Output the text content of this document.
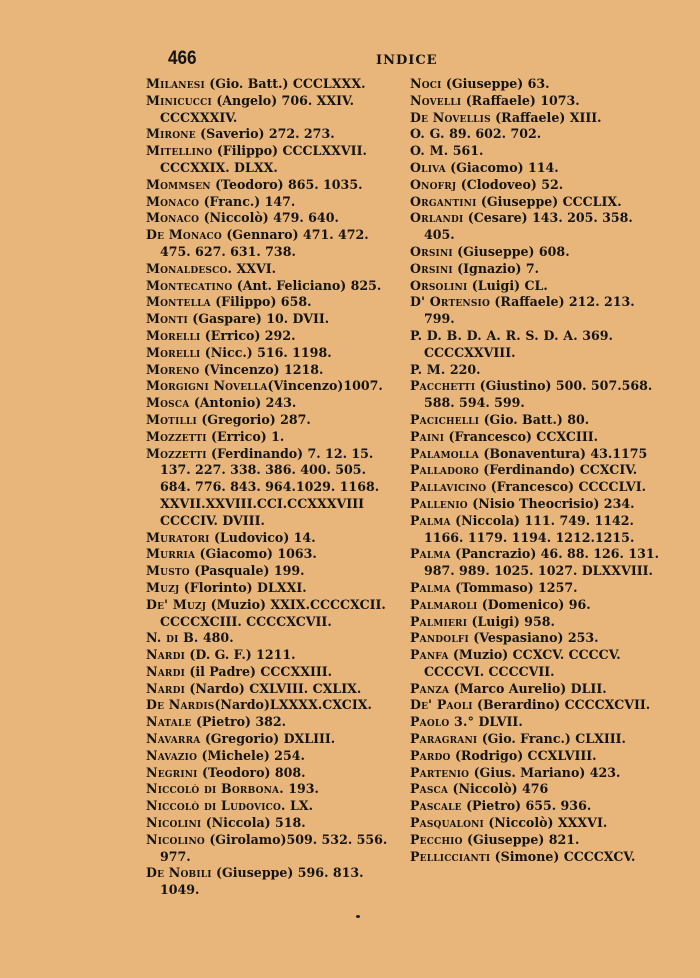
466	INDICE
Milanesi (Gio. Batt.) CCCLXXX.
Minicucci (Angelo) 706. XXIV. CCCXXXIV.
Mirone (Saverio) 272. 273.
Mitellino (Filippo) CCCLXXVII. CCCXXIX. DLXX.
Mommsen (Teodoro) 865. 1035.
Monaco (Franc.) 147.
Monaco (Niccolò) 479. 640.
De Monaco (Gennaro) 471. 472. 475. 627. 631. 738.
Monaldesco. XXVI.
Montecatino (Ant. Feliciano) 825.
Montella (Filippo) 658.
Monti (Gaspare) 10. DVII.
Morelli (Errico) 292.
Morelli (Nicc.) 516. 1198.
Moreno (Vincenzo) 1218.
Morgigni Novella(Vincenzo)1007.
Mosca (Antonio) 243.
Motilli (Gregorio) 287.
Mozzetti (Errico) 1.
Mozzetti (Ferdinando) 7. 12. 15. 137. 227. 338. 386. 400. 505. 684. 776. 843. 964.1029. 1168. XXVII.XXVIII.CCI.CCXXXVIII CCCCIV. DVIII.
Muratori (Ludovico) 14.
Murria (Giacomo) 1063.
Musto (Pasquale) 199.
Muzj (Florinto) DLXXI.
De' Muzj (Muzio) XXIX.CCCCXCII. CCCCXCIII. CCCCXCVII.
N. di B. 480.
Nardi (D. G. F.) 1211.
Nardi (il Padre) CCCXXIII.
Nardi (Nardo) CXLVIII. CXLIX.
De Nardis(Nardo)LXXXX.CXCIX.
Natale (Pietro) 382.
Navarra (Gregorio) DXLIII.
Navazio (Michele) 254.
Negrini (Teodoro) 808.
Niccolò di Borbona. 193.
Niccolò di Ludovico. LX.
Nicolini (Niccola) 518.
Nicolino (Girolamo)509. 532. 556. 977.
De Nobili (Giuseppe) 596. 813. 1049.
Noci (Giuseppe) 63.
Novelli (Raffaele) 1073.
De Novellis (Raffaele) XIII.
O. G. 89. 602. 702.
O. M. 561.
Oliva (Giacomo) 114.
Onofrj (Clodoveo) 52.
Organtini (Giuseppe) CCCLIX.
Orlandi (Cesare) 143. 205. 358. 405.
Orsini (Giuseppe) 608.
Orsini (Ignazio) 7.
Orsolini (Luigi) CL.
D' Ortensio (Raffaele) 212. 213. 799.
P. D. B. D. A. R. S. D. A. 369. CCCCXXVIII.
P. M. 220.
Pacchetti (Giustino) 500. 507.568. 588. 594. 599.
Pacichelli (Gio. Batt.) 80.
Paini (Francesco) CCXCIII.
Palamolla (Bonaventura) 43.1175
Palladoro (Ferdinando) CCXCIV.
Pallavicino (Francesco) CCCCLVI.
Pallenio (Nisio Theocrisio) 234.
Palma (Niccola) 111. 749. 1142. 1166. 1179. 1194. 1212.1215.
Palma (Pancrazio) 46. 88. 126. 131. 987. 989. 1025. 1027. DLXXVIII.
Palma (Tommaso) 1257.
Palmaroli (Domenico) 96.
Palmieri (Luigi) 958.
Pandolfi (Vespasiano) 253.
Panfa (Muzio) CCXCV. CCCCV. CCCCVI. CCCCVII.
Panza (Marco Aurelio) DLII.
De' Paoli (Berardino) CCCCXCVII.
Paolo 3.° DLVII.
Paragrani (Gio. Franc.) CLXIII.
Pardo (Rodrigo) CCXLVIII.
Partenio (Gius. Mariano) 423.
Pasca (Niccolò) 476
Pascale (Pietro) 655. 936.
Pasqualoni (Niccolò) XXXVI.
Pecchio (Giuseppe) 821.
Pelliccianti (Simone) CCCCXCV.
